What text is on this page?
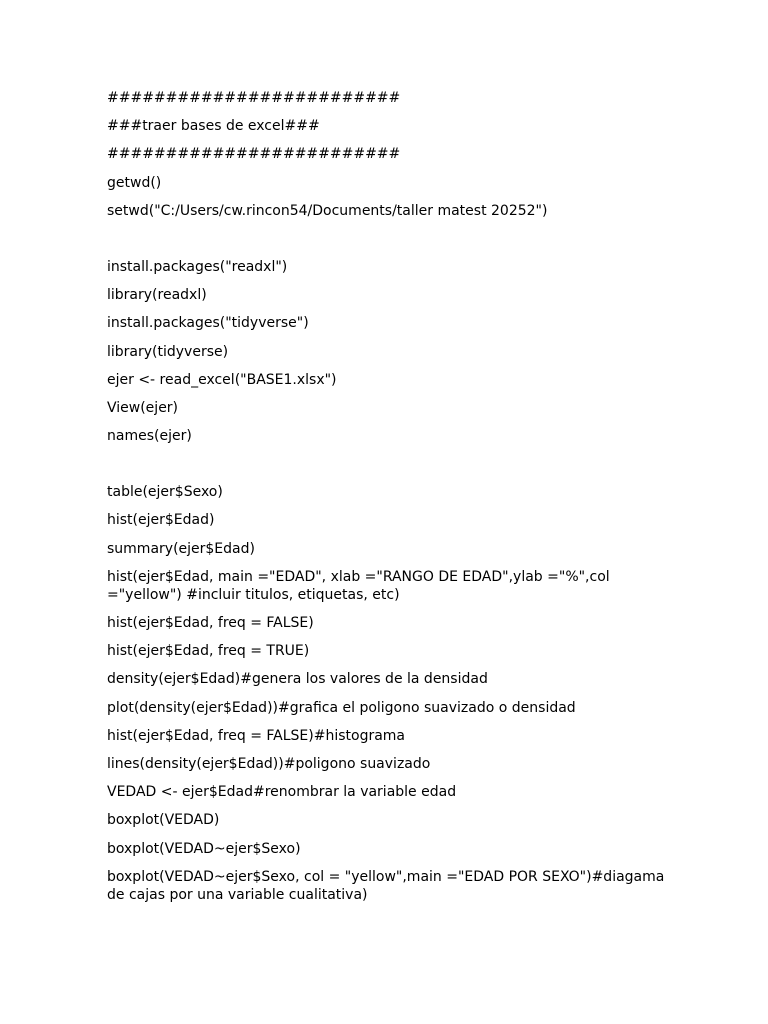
#########################
###traer bases de excel###
#########################
getwd()
setwd("C:/Users/cw.rincon54/Documents/taller matest 20252")
install.packages("readxl")
library(readxl)
install.packages("tidyverse")
library(tidyverse)
ejer <- read_excel("BASE1.xlsx")
View(ejer)
names(ejer)
table(ejer$Sexo)
hist(ejer$Edad)
summary(ejer$Edad)
hist(ejer$Edad, main ="EDAD", xlab ="RANGO DE EDAD",ylab ="%",col ="yellow") #incluir titulos, etiquetas, etc)
hist(ejer$Edad, freq = FALSE)
hist(ejer$Edad, freq = TRUE)
density(ejer$Edad)#genera los valores de la densidad
plot(density(ejer$Edad))#grafica el poligono suavizado o densidad
hist(ejer$Edad, freq = FALSE)#histograma
lines(density(ejer$Edad))#poligono suavizado
VEDAD <- ejer$Edad#renombrar la variable edad
boxplot(VEDAD)
boxplot(VEDAD~ejer$Sexo)
boxplot(VEDAD~ejer$Sexo, col = "yellow",main ="EDAD POR SEXO")#diagama de cajas por una variable cualitativa)
